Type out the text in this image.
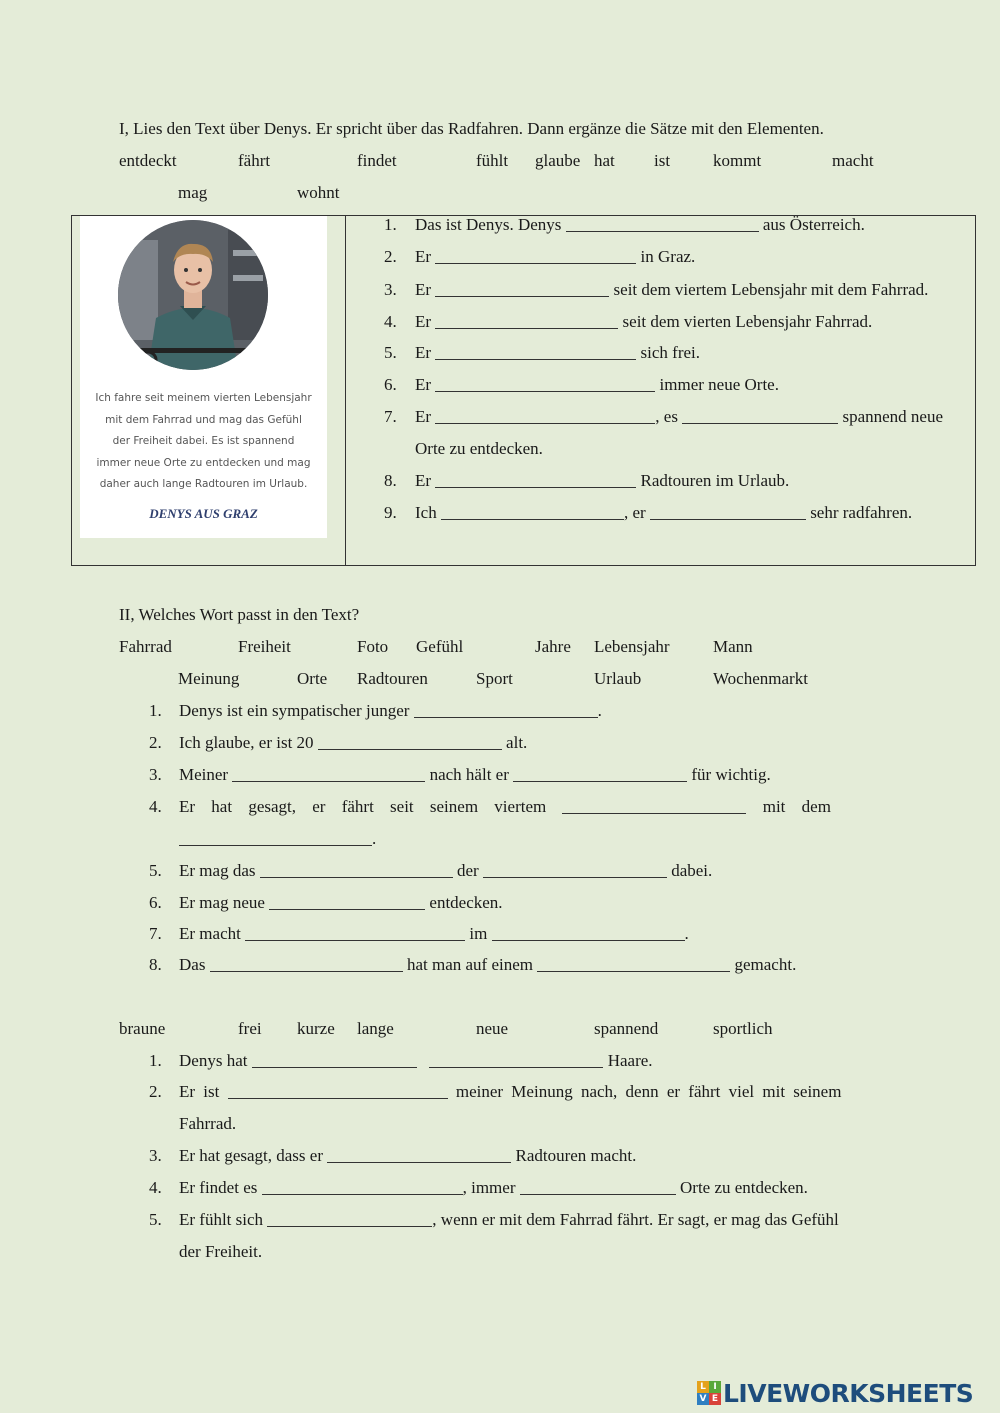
I, Lies den Text über Denys. Er spricht über das Radfahren. Dann ergänze die Sätze mit den Elementen.
entdeckt	fährt	findet	fühlt glaube hat ist	kommt	macht
mag	wohnt
Ich fahre seit meinem vierten Lebensjahr
mit dem Fahrrad und mag das Gefühl
der Freiheit dabei. Es ist spannend
immer neue Orte zu entdecken und mag
daher auch lange Radtouren im Urlaub.
DENYS AUS GRAZ
1. Das ist Denys. Denys	aus Österreich.
2. Er	in Graz.
3. Er	seit dem viertem Lebensjahr mit dem Fahrrad.
4. Er	seit dem vierten Lebensjahr Fahrrad.
5. Er	sich frei.
6. Er	immer neue Orte.
7. Er	, es	spannend neue
Orte zu entdecken.
8. Er	Radtouren im Urlaub.
9. Ich	, er	sehr radfahren.
II, Welches Wort passt in den Text?
Fahrrad	Freiheit	Foto Gefühl	Jahre Lebensjahr	Mann
Meinung	Orte Radtouren	Sport	Urlaub	Wochenmarkt
1. Denys ist ein sympatischer junger	.
2. Ich glaube, er ist 20	alt.
3. Meiner	nach hält er	für wichtig.
4. Er hat gesagt, er fährt seit seinem viertem	mit dem
.
5. Er mag das	der	dabei.
6. Er mag neue	entdecken.
7. Er macht	im	.
8. Das	hat man auf einem	gemacht.
braune	frei kurze lange	neue	spannend	sportlich
1. Denys hat	Haare.
2. Er ist	meiner Meinung nach, denn er fährt viel mit seinem
Fahrrad.
3. Er hat gesagt, dass er	Radtouren macht.
4. Er findet es	, immer	Orte zu entdecken.
5. Er fühlt sich	, wenn er mit dem Fahrrad fährt. Er sagt, er mag das Gefühl
der Freiheit.
L I
V E LIVEWORKSHEETS
